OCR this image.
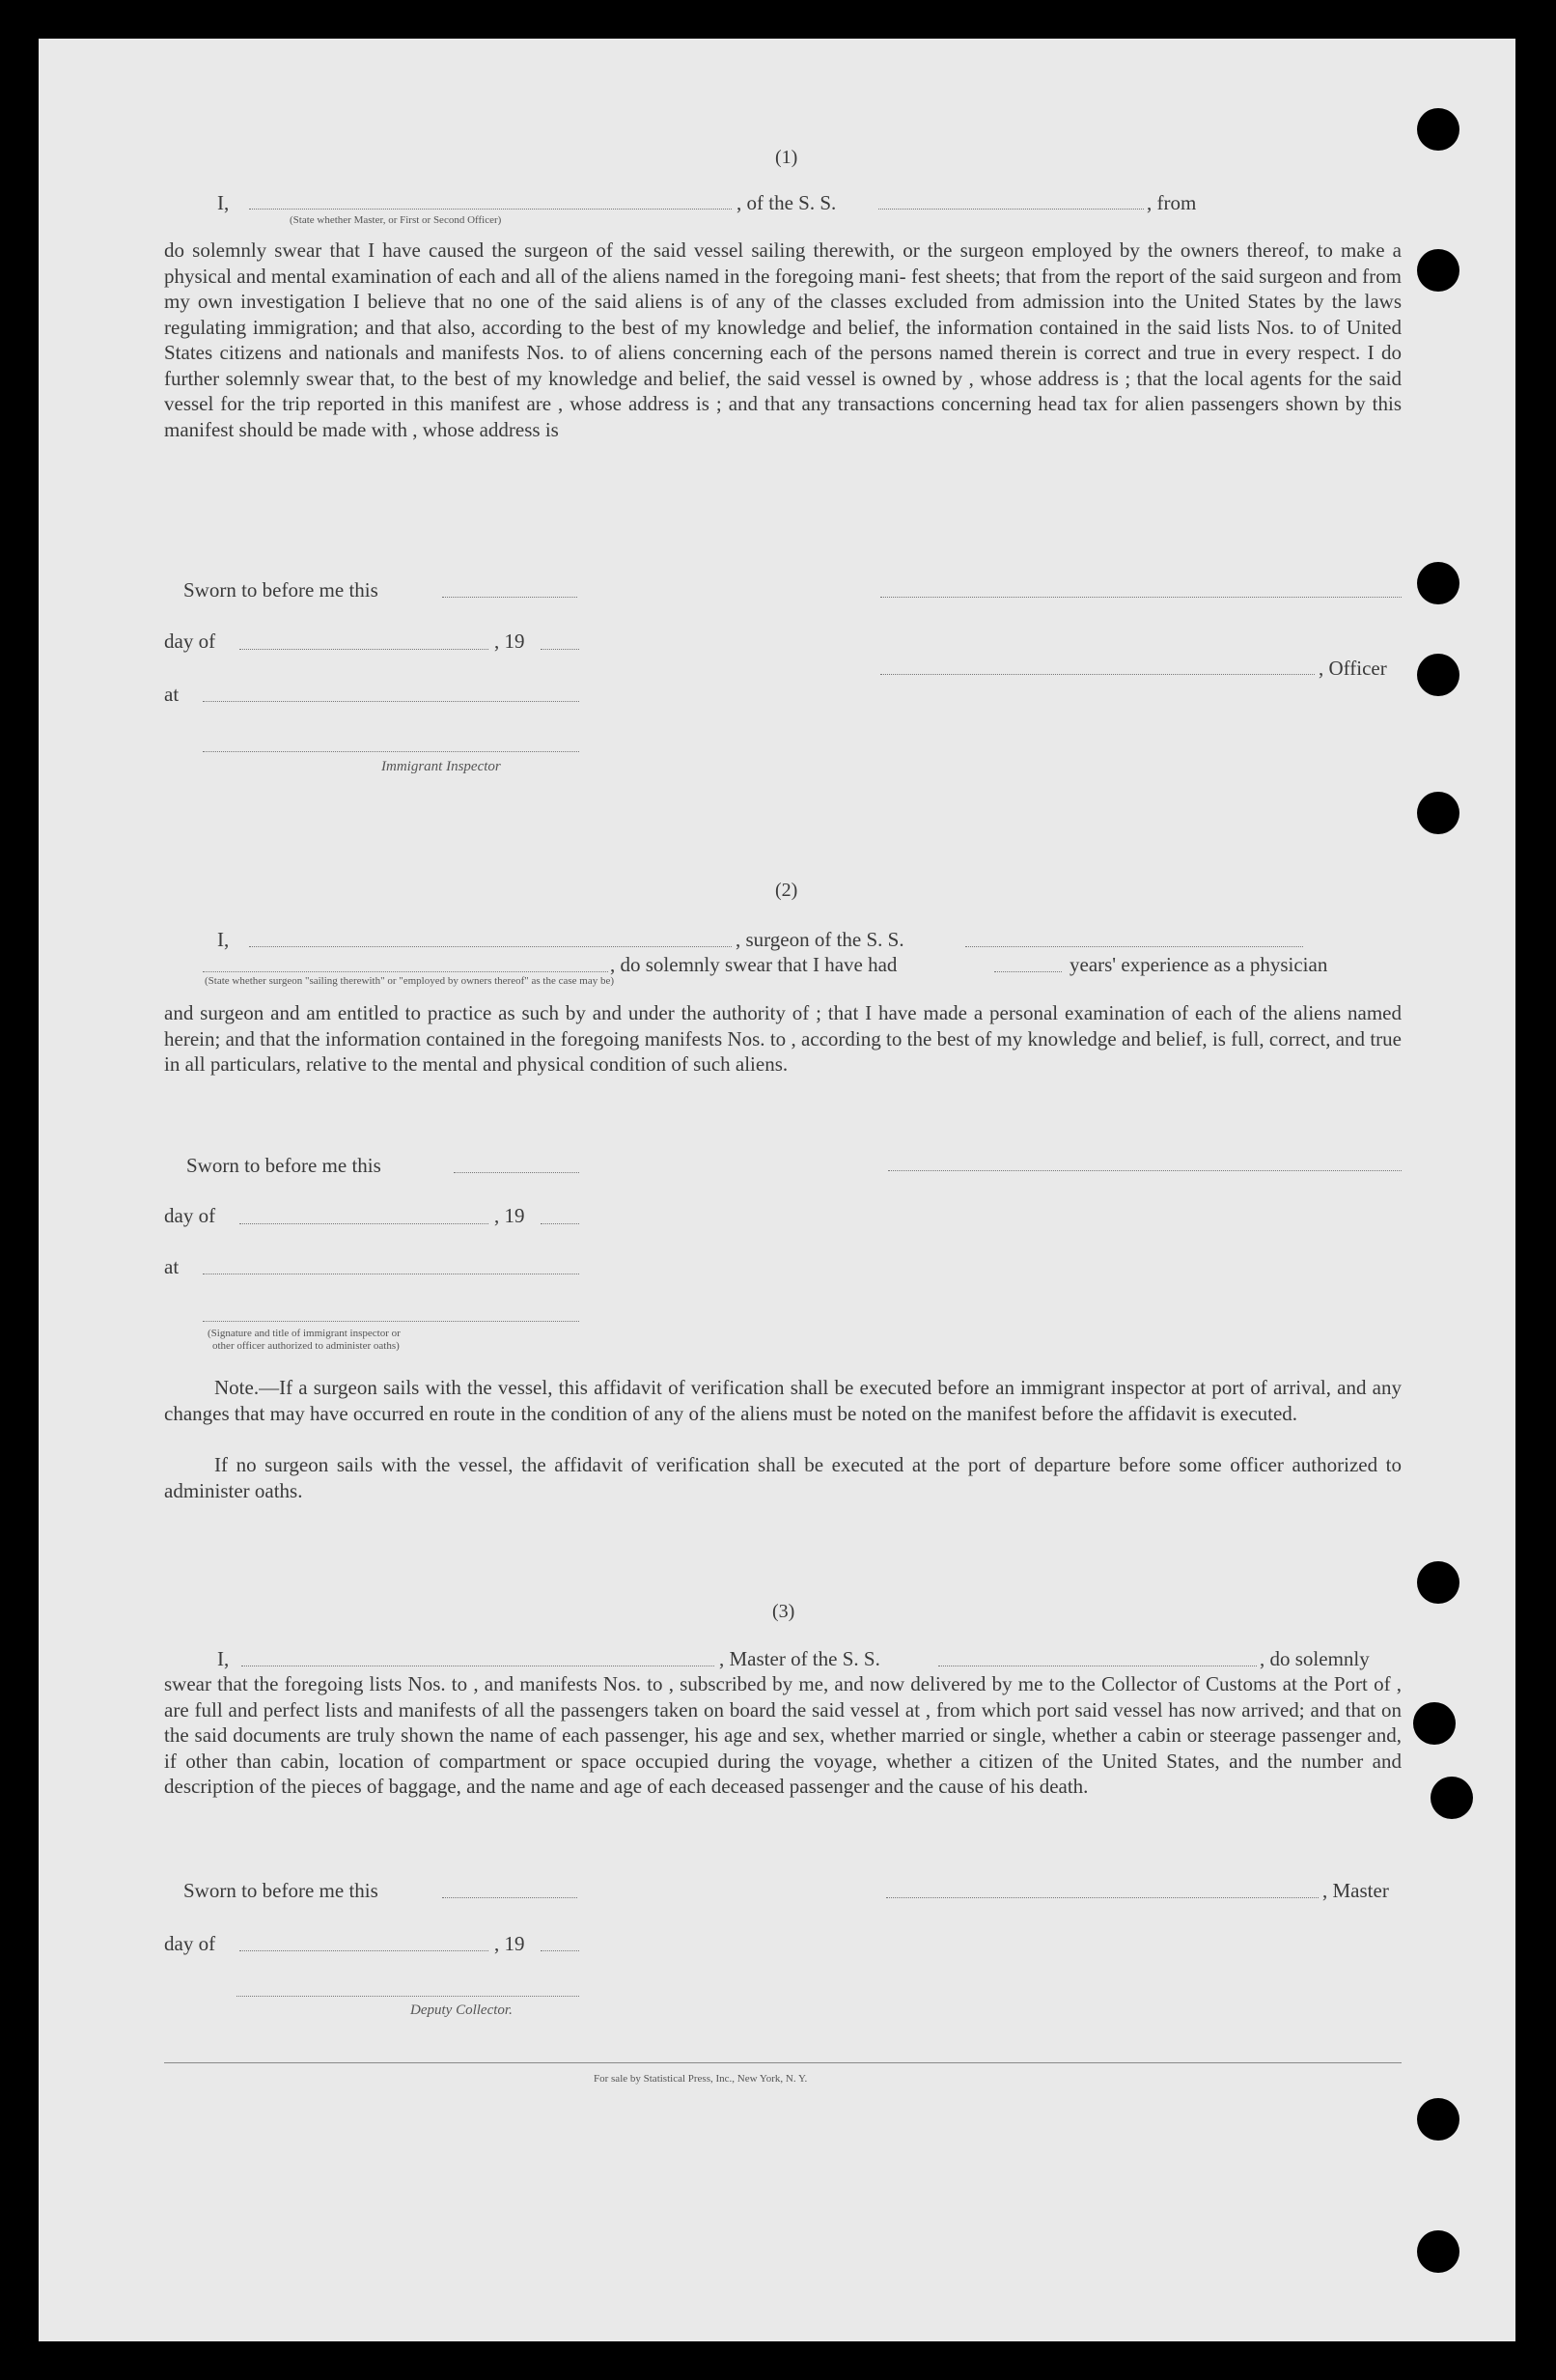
(1)
I,	, of the S. S.	, from
(State whether Master, or First or Second Officer)
do solemnly swear that I have caused the surgeon of the said vessel sailing therewith, or the surgeon employed by the owners thereof, to make a physical and mental examination of each and all of the aliens named in the foregoing mani- fest sheets; that from the report of the said surgeon and from my own investigation I believe that no one of the said aliens is of any of the classes excluded from admission into the United States by the laws regulating immigration; and that also, according to the best of my knowledge and belief, the information contained in the said lists Nos. to of United States citizens and nationals and manifests Nos. to of aliens concerning each of the persons named therein is correct and true in every respect. I do further solemnly swear that, to the best of my knowledge and belief, the said vessel is owned by , whose address is ; that the local agents for the said vessel for the trip reported in this manifest are , whose address is ; and that any transactions concerning head tax for alien passengers shown by this manifest should be made with , whose address is
Sworn to before me this
day of	, 19
, Officer
at
Immigrant Inspector
(2)
I,	, surgeon of the S. S.
, do solemnly swear that I have had	years' experience as a physician
(State whether surgeon "sailing therewith" or "employed by owners thereof" as the case may be)
and surgeon and am entitled to practice as such by and under the authority of ; that I have made a personal examination of each of the aliens named herein; and that the information contained in the foregoing manifests Nos. to , according to the best of my knowledge and belief, is full, correct, and true in all particulars, relative to the mental and physical condition of such aliens.
Sworn to before me this
day of	, 19
at
(Signature and title of immigrant inspector or
other officer authorized to administer oaths)
Note.—If a surgeon sails with the vessel, this affidavit of verification shall be executed before an immigrant inspector at port of arrival, and any changes that may have occurred en route in the condition of any of the aliens must be noted on the manifest before the affidavit is executed.
If no surgeon sails with the vessel, the affidavit of verification shall be executed at the port of departure before some officer authorized to administer oaths.
(3)
I,	, Master of the S. S.	, do solemnly
swear that the foregoing lists Nos. to , and manifests Nos. to , subscribed by me, and now delivered by me to the Collector of Customs at the Port of , are full and perfect lists and manifests of all the passengers taken on board the said vessel at , from which port said vessel has now arrived; and that on the said documents are truly shown the name of each passenger, his age and sex, whether married or single, whether a cabin or steerage passenger and, if other than cabin, location of compartment or space occupied during the voyage, whether a citizen of the United States, and the number and description of the pieces of baggage, and the name and age of each deceased passenger and the cause of his death.
Sworn to before me this	, Master
day of	, 19
Deputy Collector.
For sale by Statistical Press, Inc., New York, N. Y.
